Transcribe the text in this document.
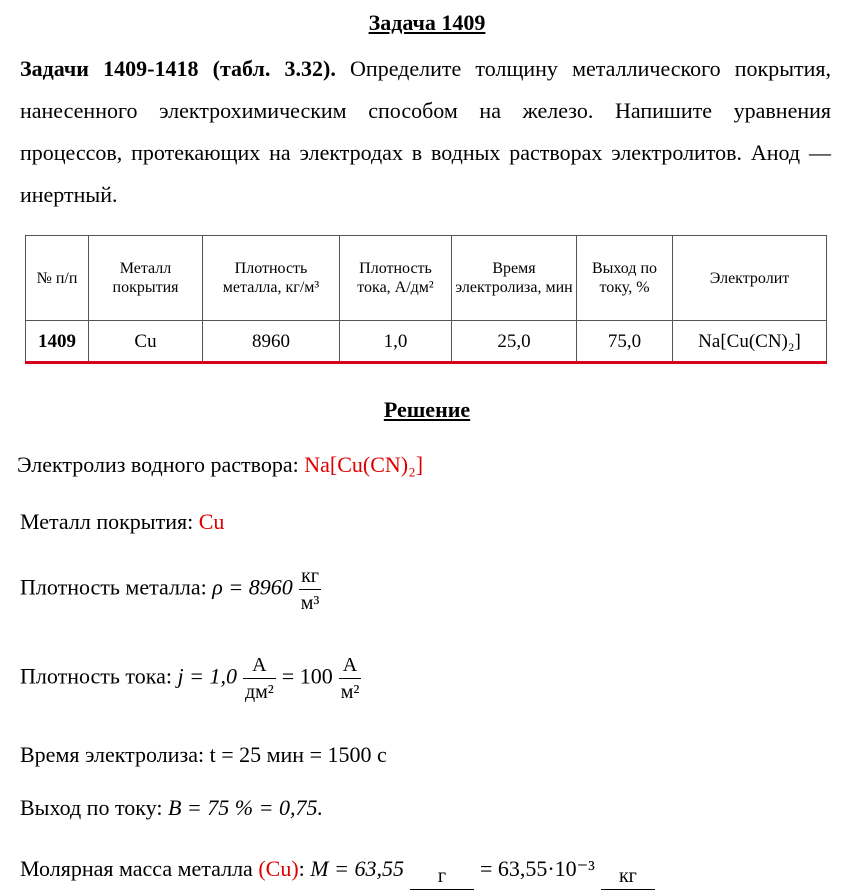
Задача 1409
Задачи 1409-1418 (табл. 3.32). Определите толщину металлического покрытия, нанесенного электрохимическим способом на железо. Напишите уравнения процессов, протекающих на электродах в водных растворах электролитов. Анод — инертный.
№ п/п	Металл покрытия	Плотность металла, кг/м³	Плотность тока, А/дм²	Время электролиза, мин	Выход по току, %	Электролит
1409	Cu	8960	1,0	25,0	75,0	Na[Cu(CN)₂]
Решение
Электролиз водного раствора: Na[Cu(CN)₂]
Металл покрытия: Cu
Плотность металла: $\rho = 8960 \frac{кг}{\text{м³}}$
Плотность тока: $j = 1,0 \frac{А}{\text{дм²}} = 100 \frac{А}{\text{м²}}$
Время электролиза: t = 25 мин = 1500 с
Выход по току: B = 75 % = 0,75.
Молярная масса металла (Cu): M = 63,55	г	= 63,55·10⁻³	кг
